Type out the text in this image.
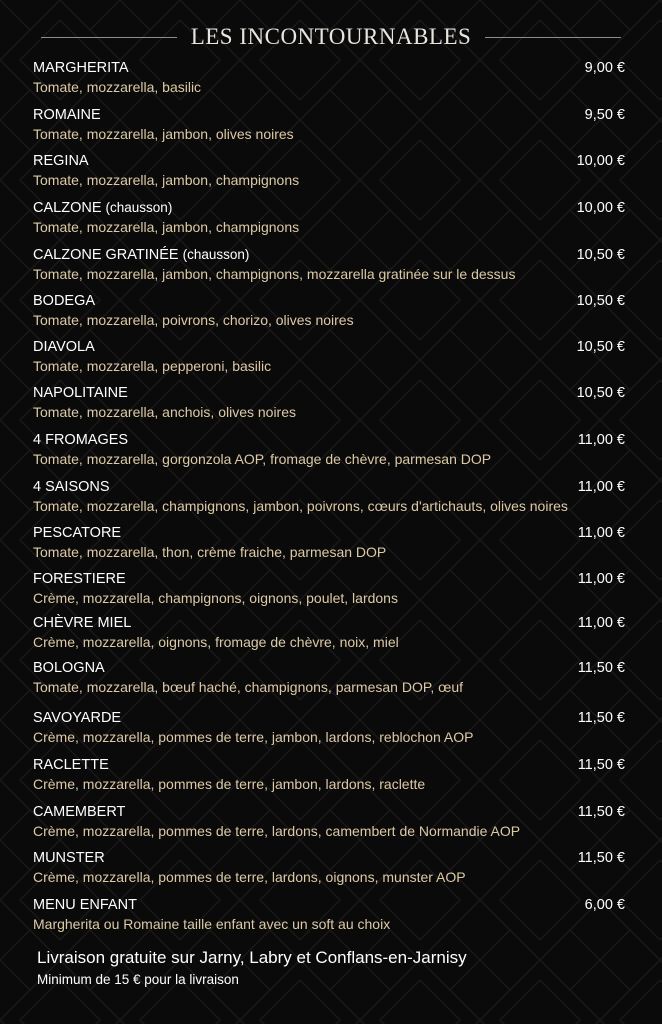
LES INCONTOURNABLES
MARGHERITA	9,00 €
Tomate, mozzarella, basilic
ROMAINE	9,50 €
Tomate, mozzarella, jambon, olives noires
REGINA	10,00 €
Tomate, mozzarella, jambon, champignons
CALZONE (chausson)	10,00 €
Tomate, mozzarella, jambon, champignons
CALZONE GRATINÉE (chausson)	10,50 €
Tomate, mozzarella, jambon, champignons, mozzarella gratinée sur le dessus
BODEGA	10,50 €
Tomate, mozzarella, poivrons, chorizo, olives noires
DIAVOLA	10,50 €
Tomate, mozzarella, pepperoni, basilic
NAPOLITAINE	10,50 €
Tomate, mozzarella, anchois, olives noires
4 FROMAGES	11,00 €
Tomate, mozzarella, gorgonzola AOP, fromage de chèvre, parmesan DOP
4 SAISONS	11,00 €
Tomate, mozzarella, champignons, jambon, poivrons, cœurs d'artichauts, olives noires
PESCATORE	11,00 €
Tomate, mozzarella, thon, crème fraiche, parmesan DOP
FORESTIERE	11,00 €
Crème, mozzarella, champignons, oignons, poulet, lardons
CHÈVRE MIEL	11,00 €
Crème, mozzarella, oignons, fromage de chèvre, noix, miel
BOLOGNA	11,50 €
Tomate, mozzarella, bœuf haché, champignons, parmesan DOP, œuf
SAVOYARDE	11,50 €
Crème, mozzarella, pommes de terre, jambon, lardons, reblochon AOP
RACLETTE	11,50 €
Crème, mozzarella, pommes de terre, jambon, lardons, raclette
CAMEMBERT	11,50 €
Crème, mozzarella, pommes de terre, lardons, camembert de Normandie AOP
MUNSTER	11,50 €
Crème, mozzarella, pommes de terre, lardons, oignons, munster AOP
MENU ENFANT	6,00 €
Margherita ou Romaine taille enfant avec un soft au choix
Livraison gratuite sur Jarny, Labry et Conflans-en-Jarnisy
Minimum de 15 € pour la livraison
